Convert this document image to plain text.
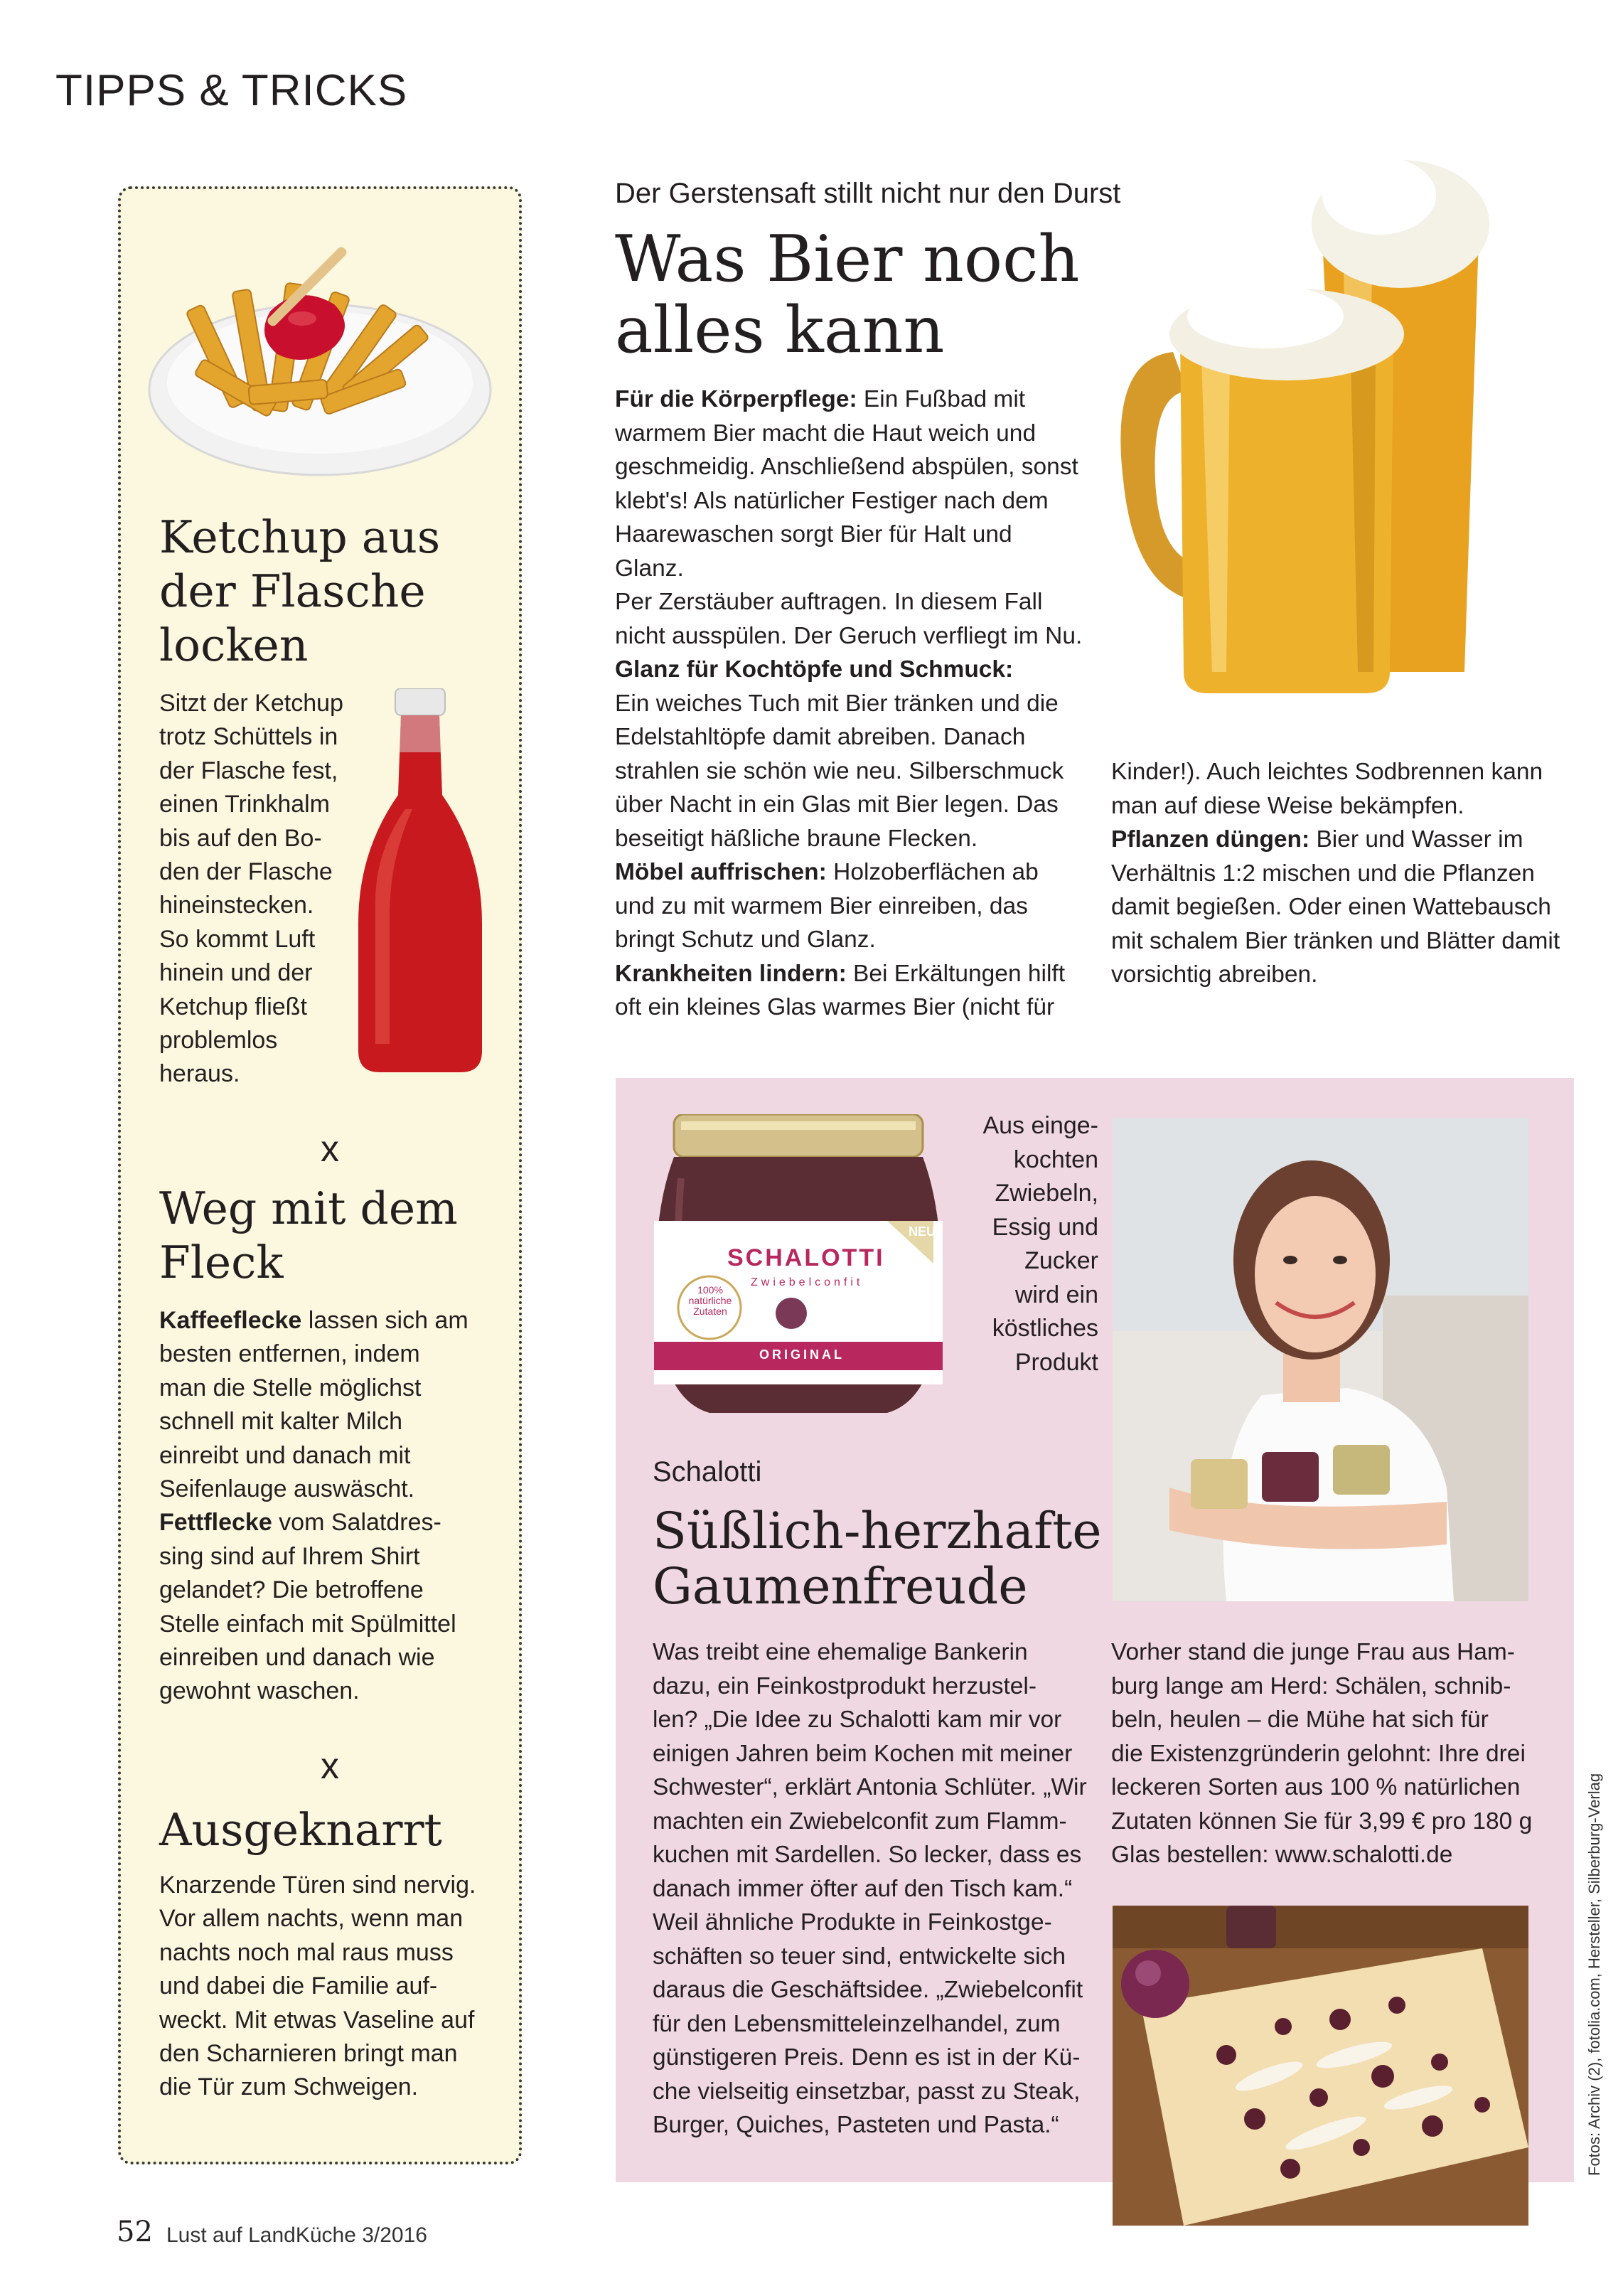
TIPPS & TRICKS
Ketchup aus
der Flasche
locken
Sitzt der Ketchup
trotz Schüttels in
der Flasche fest,
einen Trinkhalm
bis auf den Bo-
den der Flasche
hineinstecken.
So kommt Luft
hinein und der
Ketchup fließt
problemlos
heraus.
x
Weg mit dem
Fleck
Kaffeeflecke lassen sich am
besten entfernen, indem
man die Stelle möglichst
schnell mit kalter Milch
einreibt und danach mit
Seifenlauge auswäscht.
Fettflecke vom Salatdres-
sing sind auf Ihrem Shirt
gelandet? Die betroffene
Stelle einfach mit Spülmittel
einreiben und danach wie
gewohnt waschen.
x
Ausgeknarrt
Knarzende Türen sind nervig.
Vor allem nachts, wenn man
nachts noch mal raus muss
und dabei die Familie auf-
weckt. Mit etwas Vaseline auf
den Scharnieren bringt man
die Tür zum Schweigen.
Der Gerstensaft stillt nicht nur den Durst
Was Bier noch
alles kann
Für die Körperpflege: Ein Fußbad mit
warmem Bier macht die Haut weich und
geschmeidig. Anschließend abspülen, sonst
klebt's! Als natürlicher Festiger nach dem
Haarewaschen sorgt Bier für Halt und Glanz.
Per Zerstäuber auftragen. In diesem Fall
nicht ausspülen. Der Geruch verfliegt im Nu.
Glanz für Kochtöpfe und Schmuck:
Ein weiches Tuch mit Bier tränken und die
Edelstahltöpfe damit abreiben. Danach
strahlen sie schön wie neu. Silberschmuck
über Nacht in ein Glas mit Bier legen. Das
beseitigt häßliche braune Flecken.
Möbel auffrischen: Holzoberflächen ab
und zu mit warmem Bier einreiben, das
bringt Schutz und Glanz.
Krankheiten lindern: Bei Erkältungen hilft
oft ein kleines Glas warmes Bier (nicht für
Kinder!). Auch leichtes Sodbrennen kann
man auf diese Weise bekämpfen.
Pflanzen düngen: Bier und Wasser im
Verhältnis 1:2 mischen und die Pflanzen
damit begießen. Oder einen Wattebausch
mit schalem Bier tränken und Blätter damit
vorsichtig abreiben.
SCHALOTTI
Zwiebelconfit
NEU
ORIGINAL
100%
natürliche
Zutaten
Aus einge-
kochten
Zwiebeln,
Essig und
Zucker
wird ein
köstliches
Produkt
Schalotti
Süßlich-herzhafte
Gaumenfreude
Was treibt eine ehemalige Bankerin
dazu, ein Feinkostprodukt herzustel-
len? „Die Idee zu Schalotti kam mir vor
einigen Jahren beim Kochen mit meiner
Schwester“, erklärt Antonia Schlüter. „Wir
machten ein Zwiebelconfit zum Flamm-
kuchen mit Sardellen. So lecker, dass es
danach immer öfter auf den Tisch kam.“
Weil ähnliche Produkte in Feinkostge-
schäften so teuer sind, entwickelte sich
daraus die Geschäftsidee. „Zwiebelconfit
für den Lebensmitteleinzelhandel, zum
günstigeren Preis. Denn es ist in der Kü-
che vielseitig einsetzbar, passt zu Steak,
Burger, Quiches, Pasteten und Pasta.“
Vorher stand die junge Frau aus Ham-
burg lange am Herd: Schälen, schnib-
beln, heulen – die Mühe hat sich für
die Existenzgründerin gelohnt: Ihre drei
leckeren Sorten aus 100 % natürlichen
Zutaten können Sie für 3,99 € pro 180 g
Glas bestellen: www.schalotti.de	Fotos: Archiv (2), fotolia.com, Hersteller, Silberburg-Verlag
52 Lust auf LandKüche 3/2016
